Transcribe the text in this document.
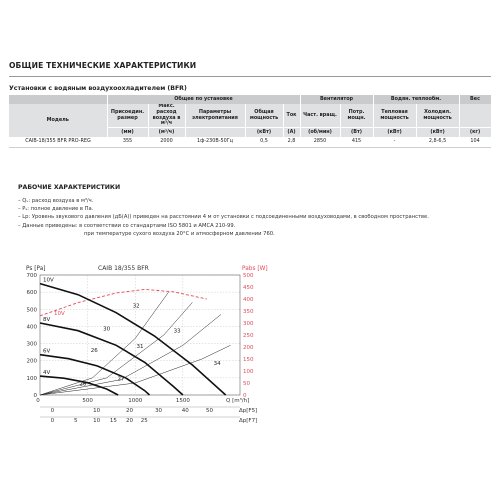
ОБЩИЕ ТЕХНИЧЕСКИЕ ХАРАКТЕРИСТИКИ
Установки с водяным воздухоохладителем (BFR)
	Общее по установке					Вентилятор		Водян. теплообм.		Вес
Модель	Присоедин. размер	Макс. расход воздуха в м³/ч	Параметры электропитания	Общая мощность	Ток	Част. вращ.	Потр. мощн.	Тепловая мощность	Холодил. мощность	
	(мм)	(м³/ч)		(кВт)	(А)	(об/мин)	(Вт)	(кВт)	(кВт)	(кг)
CAIB-18/355 BFR PRO-REG	355	2000	1ф-230В-50Гц	0,5	2,8	2850	415	-	2,8-6,5	104
РАБОЧИЕ ХАРАКТЕРИСТИКИ
– Qᵥ: расход воздуха в м³/ч.
– Pₛ: полное давление в Па.
– Lp: Уровень звукового давления (дБ(A)) приведен на расстоянии 4 м от установки с подсоединенными воздуховодами, в свободном пространстве.
– Данные приведены: в соответствии со стандартами ISO 5801 и AMCA 210-99.
при температуре сухого воздуха 20°С и атмосферном давлении 760.
0
100
200
300
400
500
600
700
0
50
100
150
200
250
300
350
400
450
500
Ps [Pa]	Pabs [W]
CAIB 18/355 BFR
500	1000	1500
0	Q [m³/h]
0	10	20	30	40	50
0	5	10 15 20 25
Δp[F5]
Δp[F7]
10V
10V
8V
6V
4V
32
33
30
31
34
26
27
26
